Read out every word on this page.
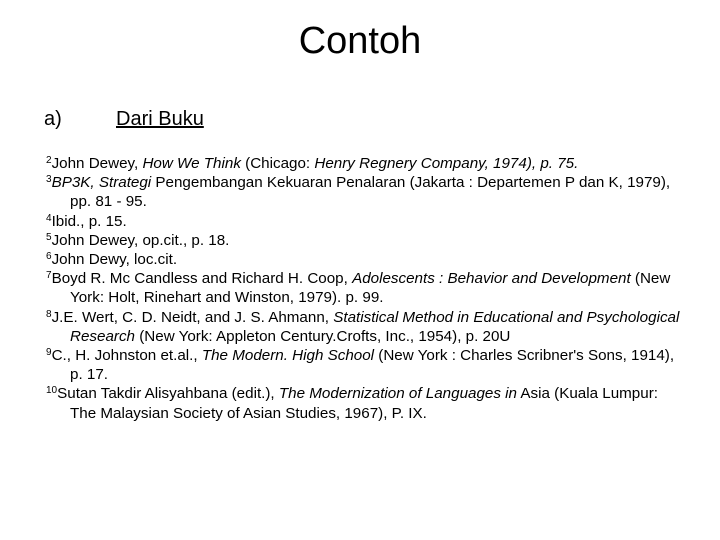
Contoh
a)	Dari Buku

$^2$John Dewey, How We Think (Chicago: Henry Regnery Company, 1974), p. 75.

$^3$BP3K, Strategi Pengembangan Kekuaran Penalaran (Jakarta : Departemen P dan K, 1979), pp. 81 - 95.

$^4$Ibid., p. 15.

$^5$John Dewey, op.cit., p. 18.

$^6$John Dewy, loc.cit.

$^7$Boyd R. Mc Candless and Richard H. Coop, Adolescents : Behavior and Development (New York: Holt, Rinehart and Winston, 1979). p. 99.

$^8$J.E. Wert, C. D. Neidt, and J. S. Ahmann, Statistical Method in Educational and Psychological Research (New York: Appleton Century.Crofts, Inc., 1954), p. 20U

$^9$C., H. Johnston et.al., The Modern. High School (New York : Charles Scribner's Sons, 1914), p. 17.

$^{10}$Sutan Takdir Alisyahbana (edit.), The Modernization of Languages in Asia (Kuala Lumpur: The Malaysian Society of Asian Studies, 1967), P. IX.
